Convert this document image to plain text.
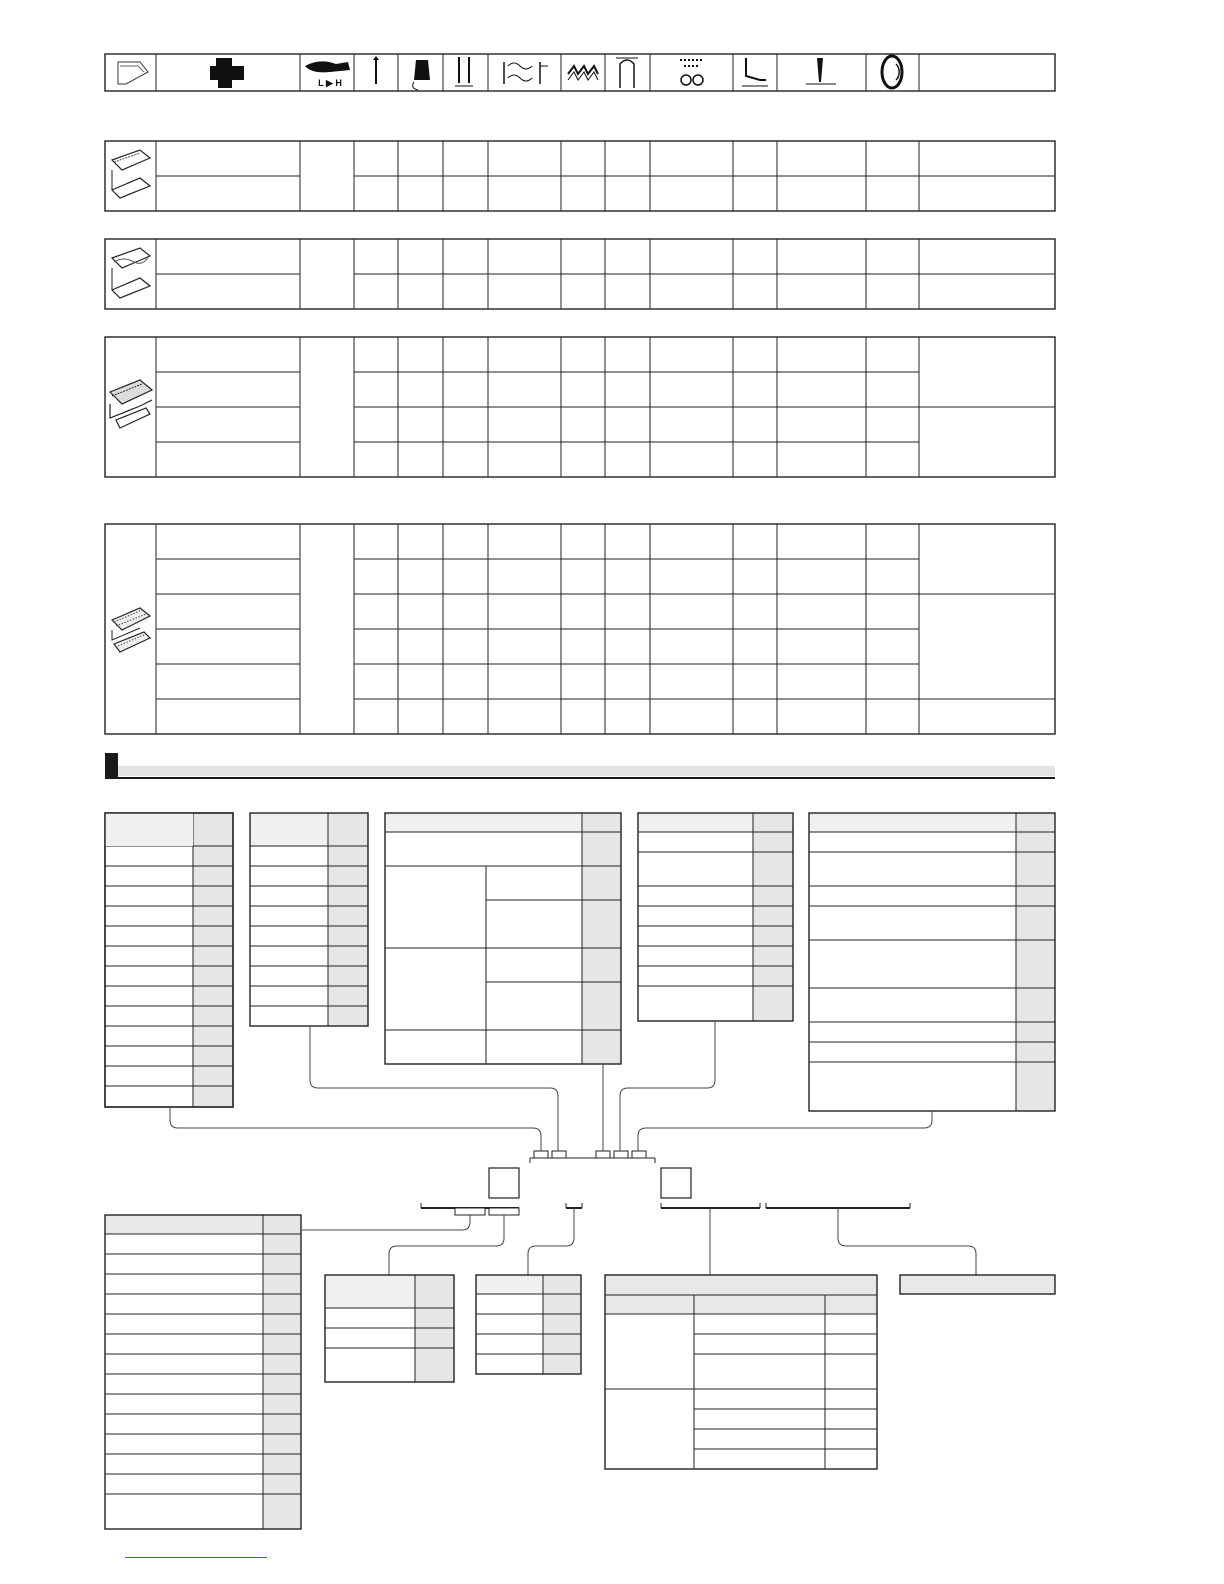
L ▶ H
